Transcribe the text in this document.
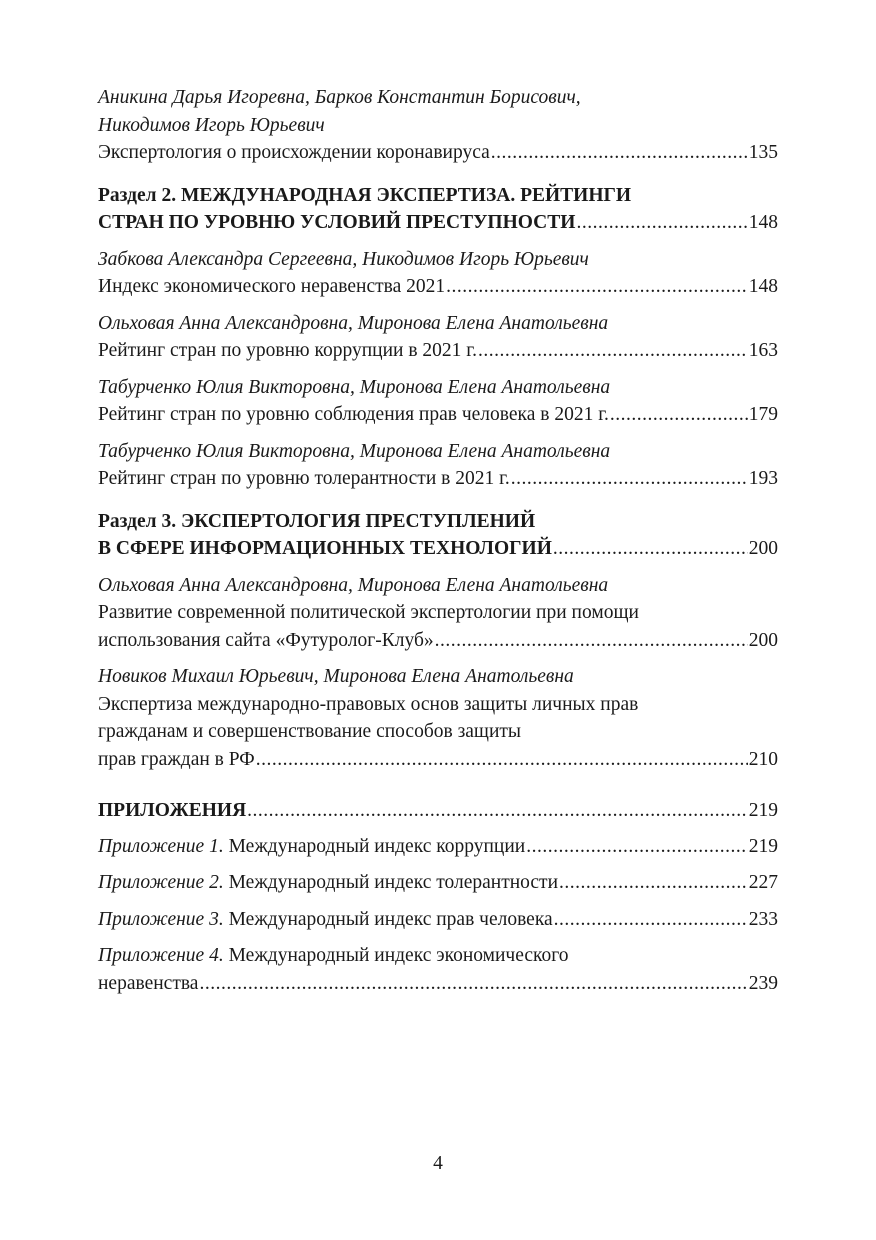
Аникина Дарья Игоревна, Барков Константин Борисович,
Никодимов Игорь Юрьевич
Экспертология о происхождении коронавируса .....	135
Раздел 2. МЕЖДУНАРОДНАЯ ЭКСПЕРТИЗА. РЕЙТИНГИ
СТРАН ПО УРОВНЮ УСЛОВИЙ ПРЕСТУПНОСТИ .....	148
Забкова Александра Сергеевна, Никодимов Игорь Юрьевич
Индекс экономического неравенства 2021 .....	148
Ольховая Анна Александровна, Миронова Елена Анатольевна
Рейтинг стран по уровню коррупции в 2021 г. .....	163
Табурченко Юлия Викторовна, Миронова Елена Анатольевна
Рейтинг стран по уровню соблюдения прав человека в 2021 г. .....	179
Табурченко Юлия Викторовна, Миронова Елена Анатольевна
Рейтинг стран по уровню толерантности в 2021 г. .....	193
Раздел 3. ЭКСПЕРТОЛОГИЯ ПРЕСТУПЛЕНИЙ
В СФЕРЕ ИНФОРМАЦИОННЫХ ТЕХНОЛОГИЙ .....	200
Ольховая Анна Александровна, Миронова Елена Анатольевна
Развитие современной политической экспертологии при помощи
использования сайта «Футуролог-Клуб» .....	200
Новиков Михаил Юрьевич, Миронова Елена Анатольевна
Экспертиза международно-правовых основ защиты личных прав
гражданам и совершенствование способов защиты
прав граждан в РФ .....	210
ПРИЛОЖЕНИЯ .....	219
Приложение 1. Международный индекс коррупции .....	219
Приложение 2. Международный индекс толерантности .....	227
Приложение 3. Международный индекс прав человека .....	233
Приложение 4. Международный индекс экономического
неравенства .....	239
4
